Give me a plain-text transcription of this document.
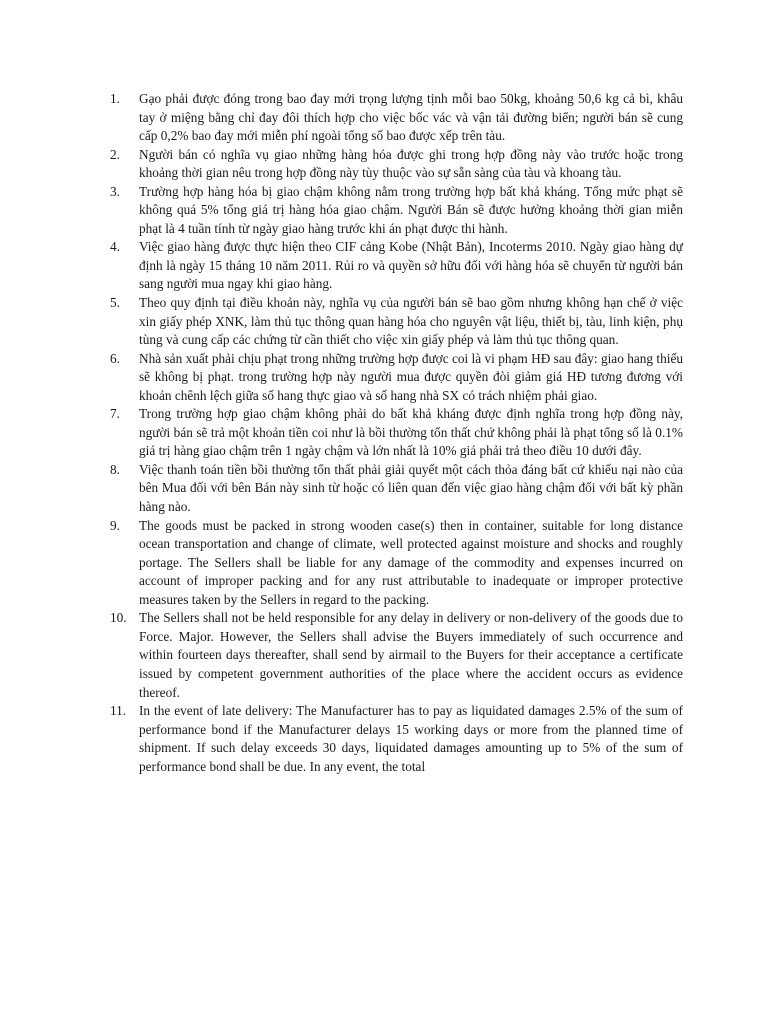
1.	Gạo phải được đóng trong bao đay mới trọng lượng tịnh mỗi bao 50kg, khoảng 50,6 kg cả bì, khâu tay ở miệng bằng chỉ đay đôi thích hợp cho việc bốc vác và vận tải đường biển; người bán sẽ cung cấp 0,2% bao đay mới miễn phí ngoài tổng số bao được xếp trên tàu.
2.	Người bán có nghĩa vụ giao những hàng hóa được ghi trong hợp đồng này vào trước hoặc trong khoảng thời gian nêu trong hợp đồng này tùy thuộc vào sự sẵn sàng của tàu và khoang tàu.
3.	Trường hợp hàng hóa bị giao chậm không nằm trong trường hợp bất khả kháng. Tổng mức phạt sẽ không quá 5% tổng giá trị hàng hóa giao chậm. Người Bán sẽ được hưởng khoảng thời gian miễn phạt là 4 tuần tính từ ngày giao hàng trước khi án phạt được thi hành.
4.	Việc giao hàng được thực hiện theo CIF cảng Kobe (Nhật Bản), Incoterms 2010. Ngày giao hàng dự định là ngày 15 tháng 10 năm 2011. Rủi ro và quyền sở hữu đối với hàng hóa sẽ chuyển từ người bán sang người mua ngay khi giao hàng.
5.	Theo quy định tại điều khoản này, nghĩa vụ của người bán sẽ bao gồm nhưng không hạn chế ở việc xin giấy phép XNK, làm thủ tục thông quan hàng hóa cho nguyên vật liệu, thiết bị, tàu, linh kiện, phụ tùng và cung cấp các chứng từ cần thiết cho việc xin giấy phép và làm thủ tục thông quan.
6.	Nhà sản xuất phải chịu phạt trong những trường hợp được coi là vi phạm HĐ sau đây: giao hang thiếu sẽ không bị phạt. trong trường hợp này người mua được quyền đòi giảm giá HĐ tương đương với khoản chênh lệch giữa số hang thực giao và số hang nhà SX có trách nhiệm phải giao.
7.	Trong trường hợp giao chậm không phải do bất khả kháng được định nghĩa trong hợp đồng này, người bán sẽ trả một khoản tiền coi như là bồi thường tổn thất chứ không phải là phạt tổng số là 0.1% giá trị hàng giao chậm trên 1 ngày chậm và lớn nhất là 10% giá phải trả theo điều 10 dưới đây.
8.	Việc thanh toán tiền bồi thường tổn thất phải giải quyết một cách thỏa đáng bất cứ khiếu nại nào của bên Mua đối với bên Bán này sinh từ hoặc có liên quan đến việc giao hàng chậm đối với bất kỳ phần hàng nào.
9.	The goods must be packed in strong wooden case(s) then in container, suitable for long distance ocean transportation and change of climate, well protected against moisture and shocks and roughly portage. The Sellers shall be liable for any damage of the commodity and expenses incurred on account of improper packing and for any rust attributable to inadequate or improper protective measures taken by the Sellers in regard to the packing.
10. The Sellers shall not be held responsible for any delay in delivery or non-delivery of the goods due to Force. Major. However, the Sellers shall advise the Buyers immediately of such occurrence and within fourteen days thereafter, shall send by airmail to the Buyers for their acceptance a certificate issued by competent government authorities of the place where the accident occurs as evidence thereof.
11. In the event of late delivery: The Manufacturer has to pay as liquidated damages 2.5% of the sum of performance bond if the Manufacturer delays 15 working days or more from the planned time of shipment. If such delay exceeds 30 days, liquidated damages amounting up to 5% of the sum of performance bond shall be due. In any event, the total
